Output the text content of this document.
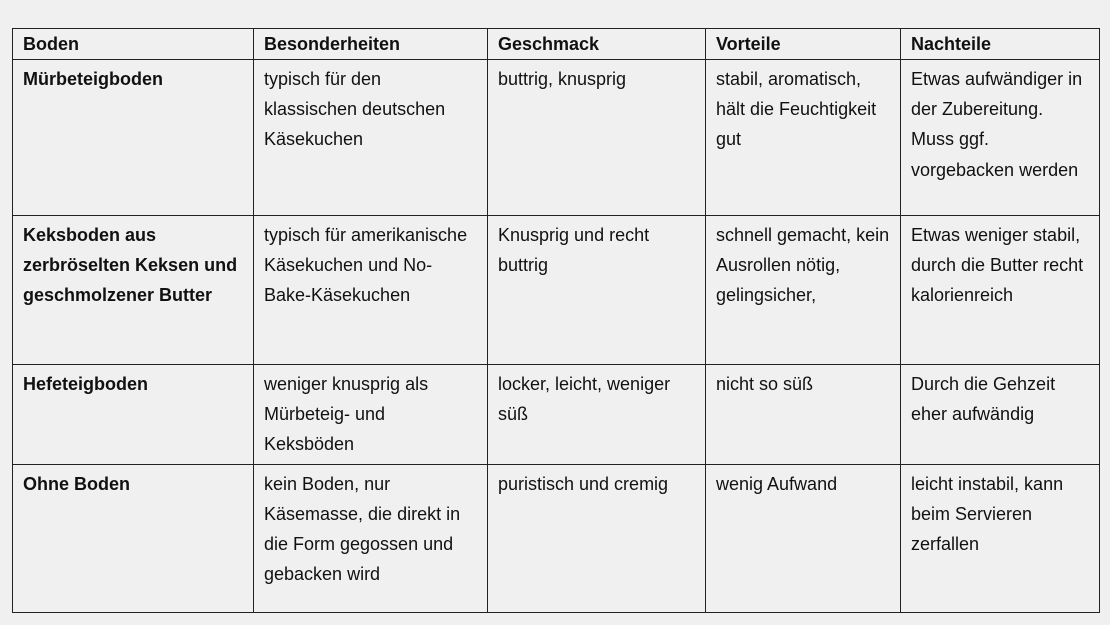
Boden	Besonderheiten	Geschmack	Vorteile	Nachteile
Mürbeteigboden	typisch für den klassischen deutschen Käsekuchen	buttrig, knusprig	stabil, aromatisch, hält die Feuchtigkeit gut	Etwas aufwändiger in der Zubereitung. Muss ggf. vorgebacken werden
Keksboden aus zerbröselten Keksen und geschmolzener Butter	typisch für amerikanische Käsekuchen und No-Bake-Käsekuchen	Knusprig und recht buttrig	schnell gemacht, kein Ausrollen nötig, gelingsicher,	Etwas weniger stabil, durch die Butter recht kalorienreich
Hefeteigboden	weniger knusprig als Mürbeteig- und Keksböden	locker, leicht, weniger süß	nicht so süß	Durch die Gehzeit eher aufwändig
Ohne Boden	kein Boden, nur Käsemasse, die direkt in die Form gegossen und gebacken wird	puristisch und cremig	wenig Aufwand	leicht instabil, kann beim Servieren zerfallen
